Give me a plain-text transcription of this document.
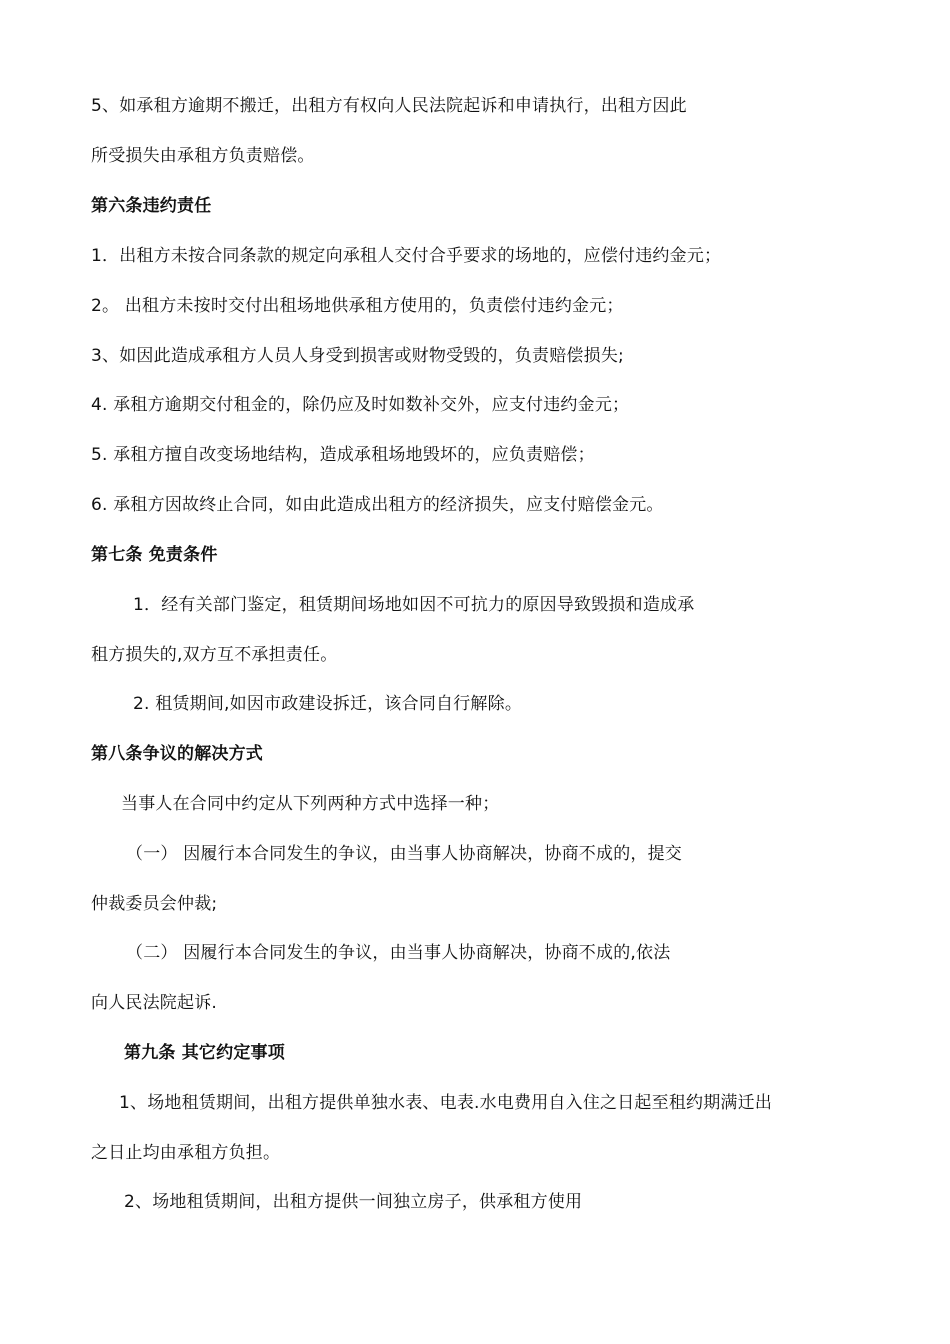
5、如承租方逾期不搬迁，出租方有权向人民法院起诉和申请执行，出租方因此
所受损失由承租方负责赔偿。
第六条违约责任
1．出租方未按合同条款的规定向承租人交付合乎要求的场地的，应偿付违约金元；
2。 出租方未按时交付出租场地供承租方使用的，负责偿付违约金元；
3、如因此造成承租方人员人身受到损害或财物受毁的，负责赔偿损失;
4. 承租方逾期交付租金的，除仍应及时如数补交外，应支付违约金元；
5. 承租方擅自改变场地结构，造成承租场地毁坏的，应负责赔偿；
6. 承租方因故终止合同，如由此造成出租方的经济损失，应支付赔偿金元。
第七条 免责条件
1．经有关部门鉴定，租赁期间场地如因不可抗力的原因导致毁损和造成承
租方损失的,双方互不承担责任。
2. 租赁期间,如因市政建设拆迁，该合同自行解除。
第八条争议的解决方式
当事人在合同中约定从下列两种方式中选择一种；
（一） 因履行本合同发生的争议，由当事人协商解决，协商不成的，提交
仲裁委员会仲裁;
（二） 因履行本合同发生的争议，由当事人协商解决，协商不成的,依法
向人民法院起诉.
第九条 其它约定事项
1、场地租赁期间，出租方提供单独水表、电表.水电费用自入住之日起至租约期满迁出
之日止均由承租方负担。
2、场地租赁期间，出租方提供一间独立房子，供承租方使用
